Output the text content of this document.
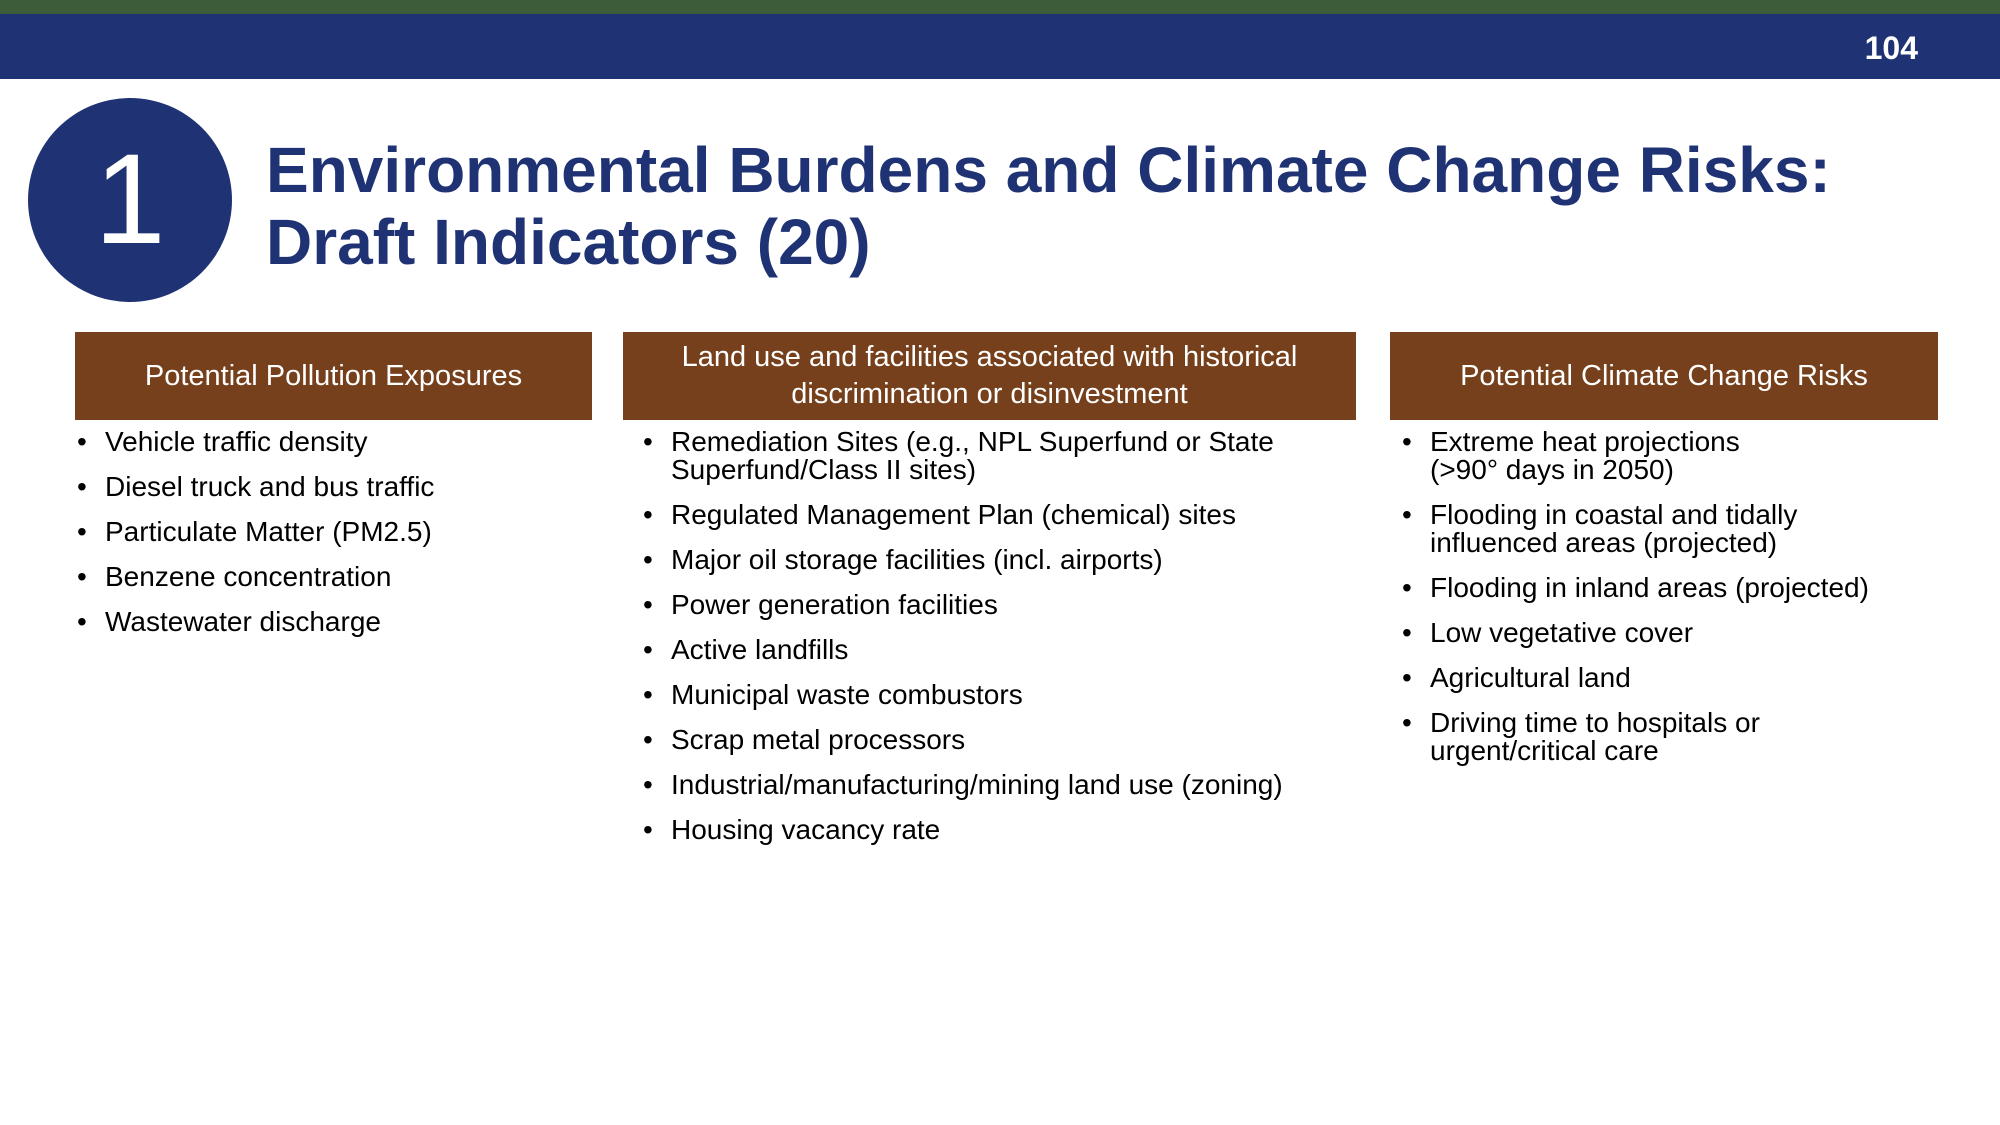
104
1	Environmental Burdens and Climate Change Risks:
Draft Indicators (20)
Potential Pollution Exposures
• Vehicle traffic density
• Diesel truck and bus traffic
• Particulate Matter (PM2.5)
• Benzene concentration
• Wastewater discharge
Land use and facilities associated with historical
discrimination or disinvestment
• Remediation Sites (e.g., NPL Superfund or State
Superfund/Class II sites)
• Regulated Management Plan (chemical) sites
• Major oil storage facilities (incl. airports)
• Power generation facilities
• Active landfills
• Municipal waste combustors
• Scrap metal processors
• Industrial/manufacturing/mining land use (zoning)
• Housing vacancy rate
Potential Climate Change Risks
• Extreme heat projections
(>90° days in 2050)
• Flooding in coastal and tidally
influenced areas (projected)
• Flooding in inland areas (projected)
• Low vegetative cover
• Agricultural land
• Driving time to hospitals or
urgent/critical care
